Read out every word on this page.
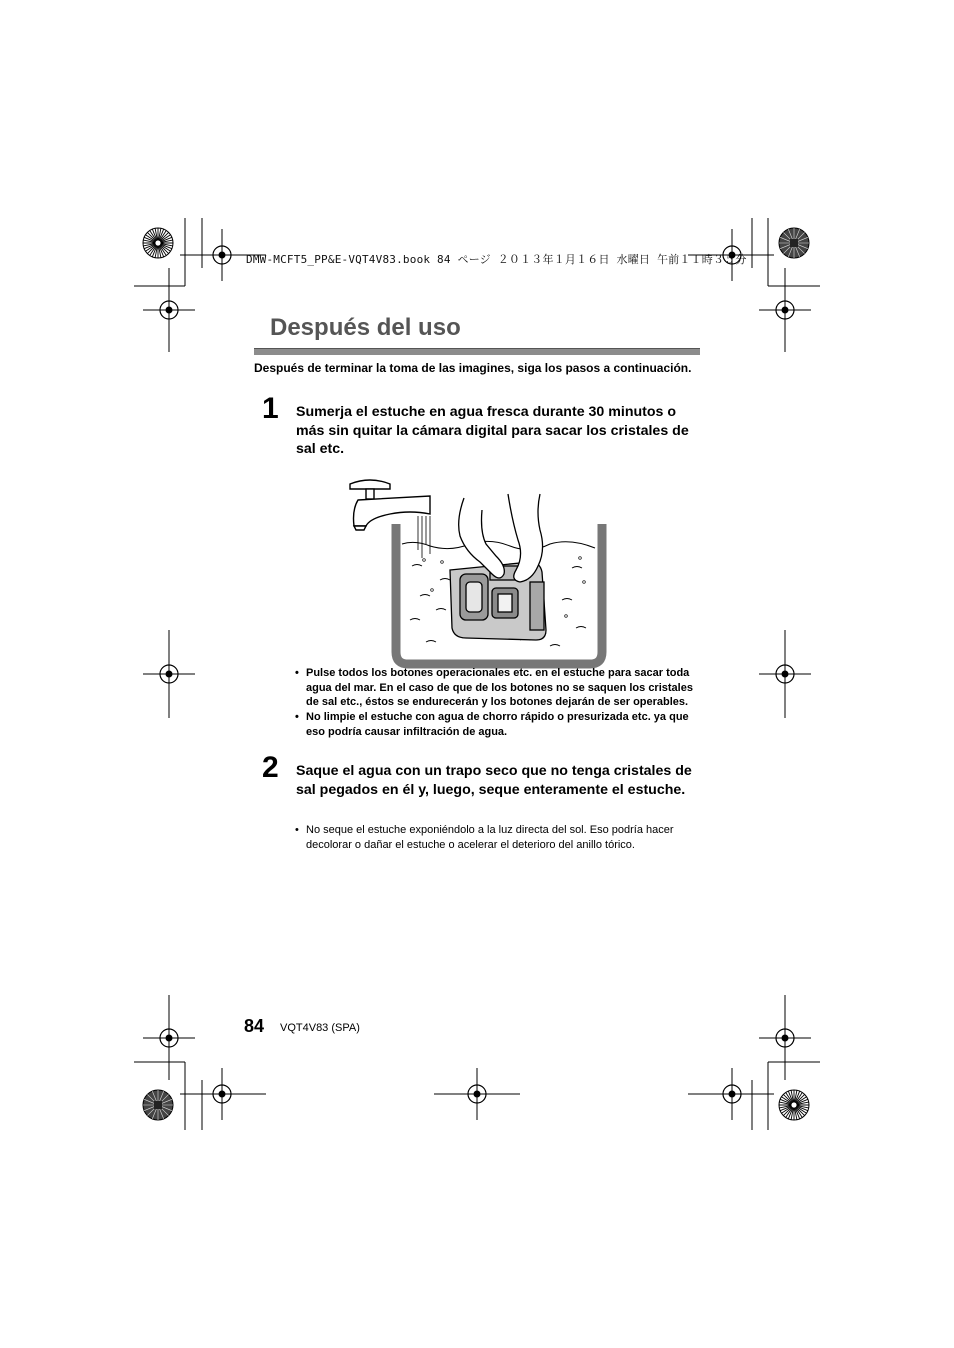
DMW-MCFT5_PP&E-VQT4V83.book 84 ページ ２０１３年１月１６日 水曜日 午前１１時３５分
Después del uso
Después de terminar la toma de las imagines, siga los pasos a continuación.
1 Sumerja el estuche en agua fresca durante 30 minutos o más sin quitar la cámara digital para sacar los cristales de sal etc.
• Pulse todos los botones operacionales etc. en el estuche para sacar toda agua del mar. En el caso de que de los botones no se saquen los cristales de sal etc., éstos se endurecerán y los botones dejarán de ser operables.
• No limpie el estuche con agua de chorro rápido o presurizada etc. ya que eso podría causar infiltración de agua.
2 Saque el agua con un trapo seco que no tenga cristales de sal pegados en él y, luego, seque enteramente el estuche.
• No seque el estuche exponiéndolo a la luz directa del sol. Eso podría hacer decolorar o dañar el estuche o acelerar el deterioro del anillo tórico.
84 VQT4V83 (SPA)
